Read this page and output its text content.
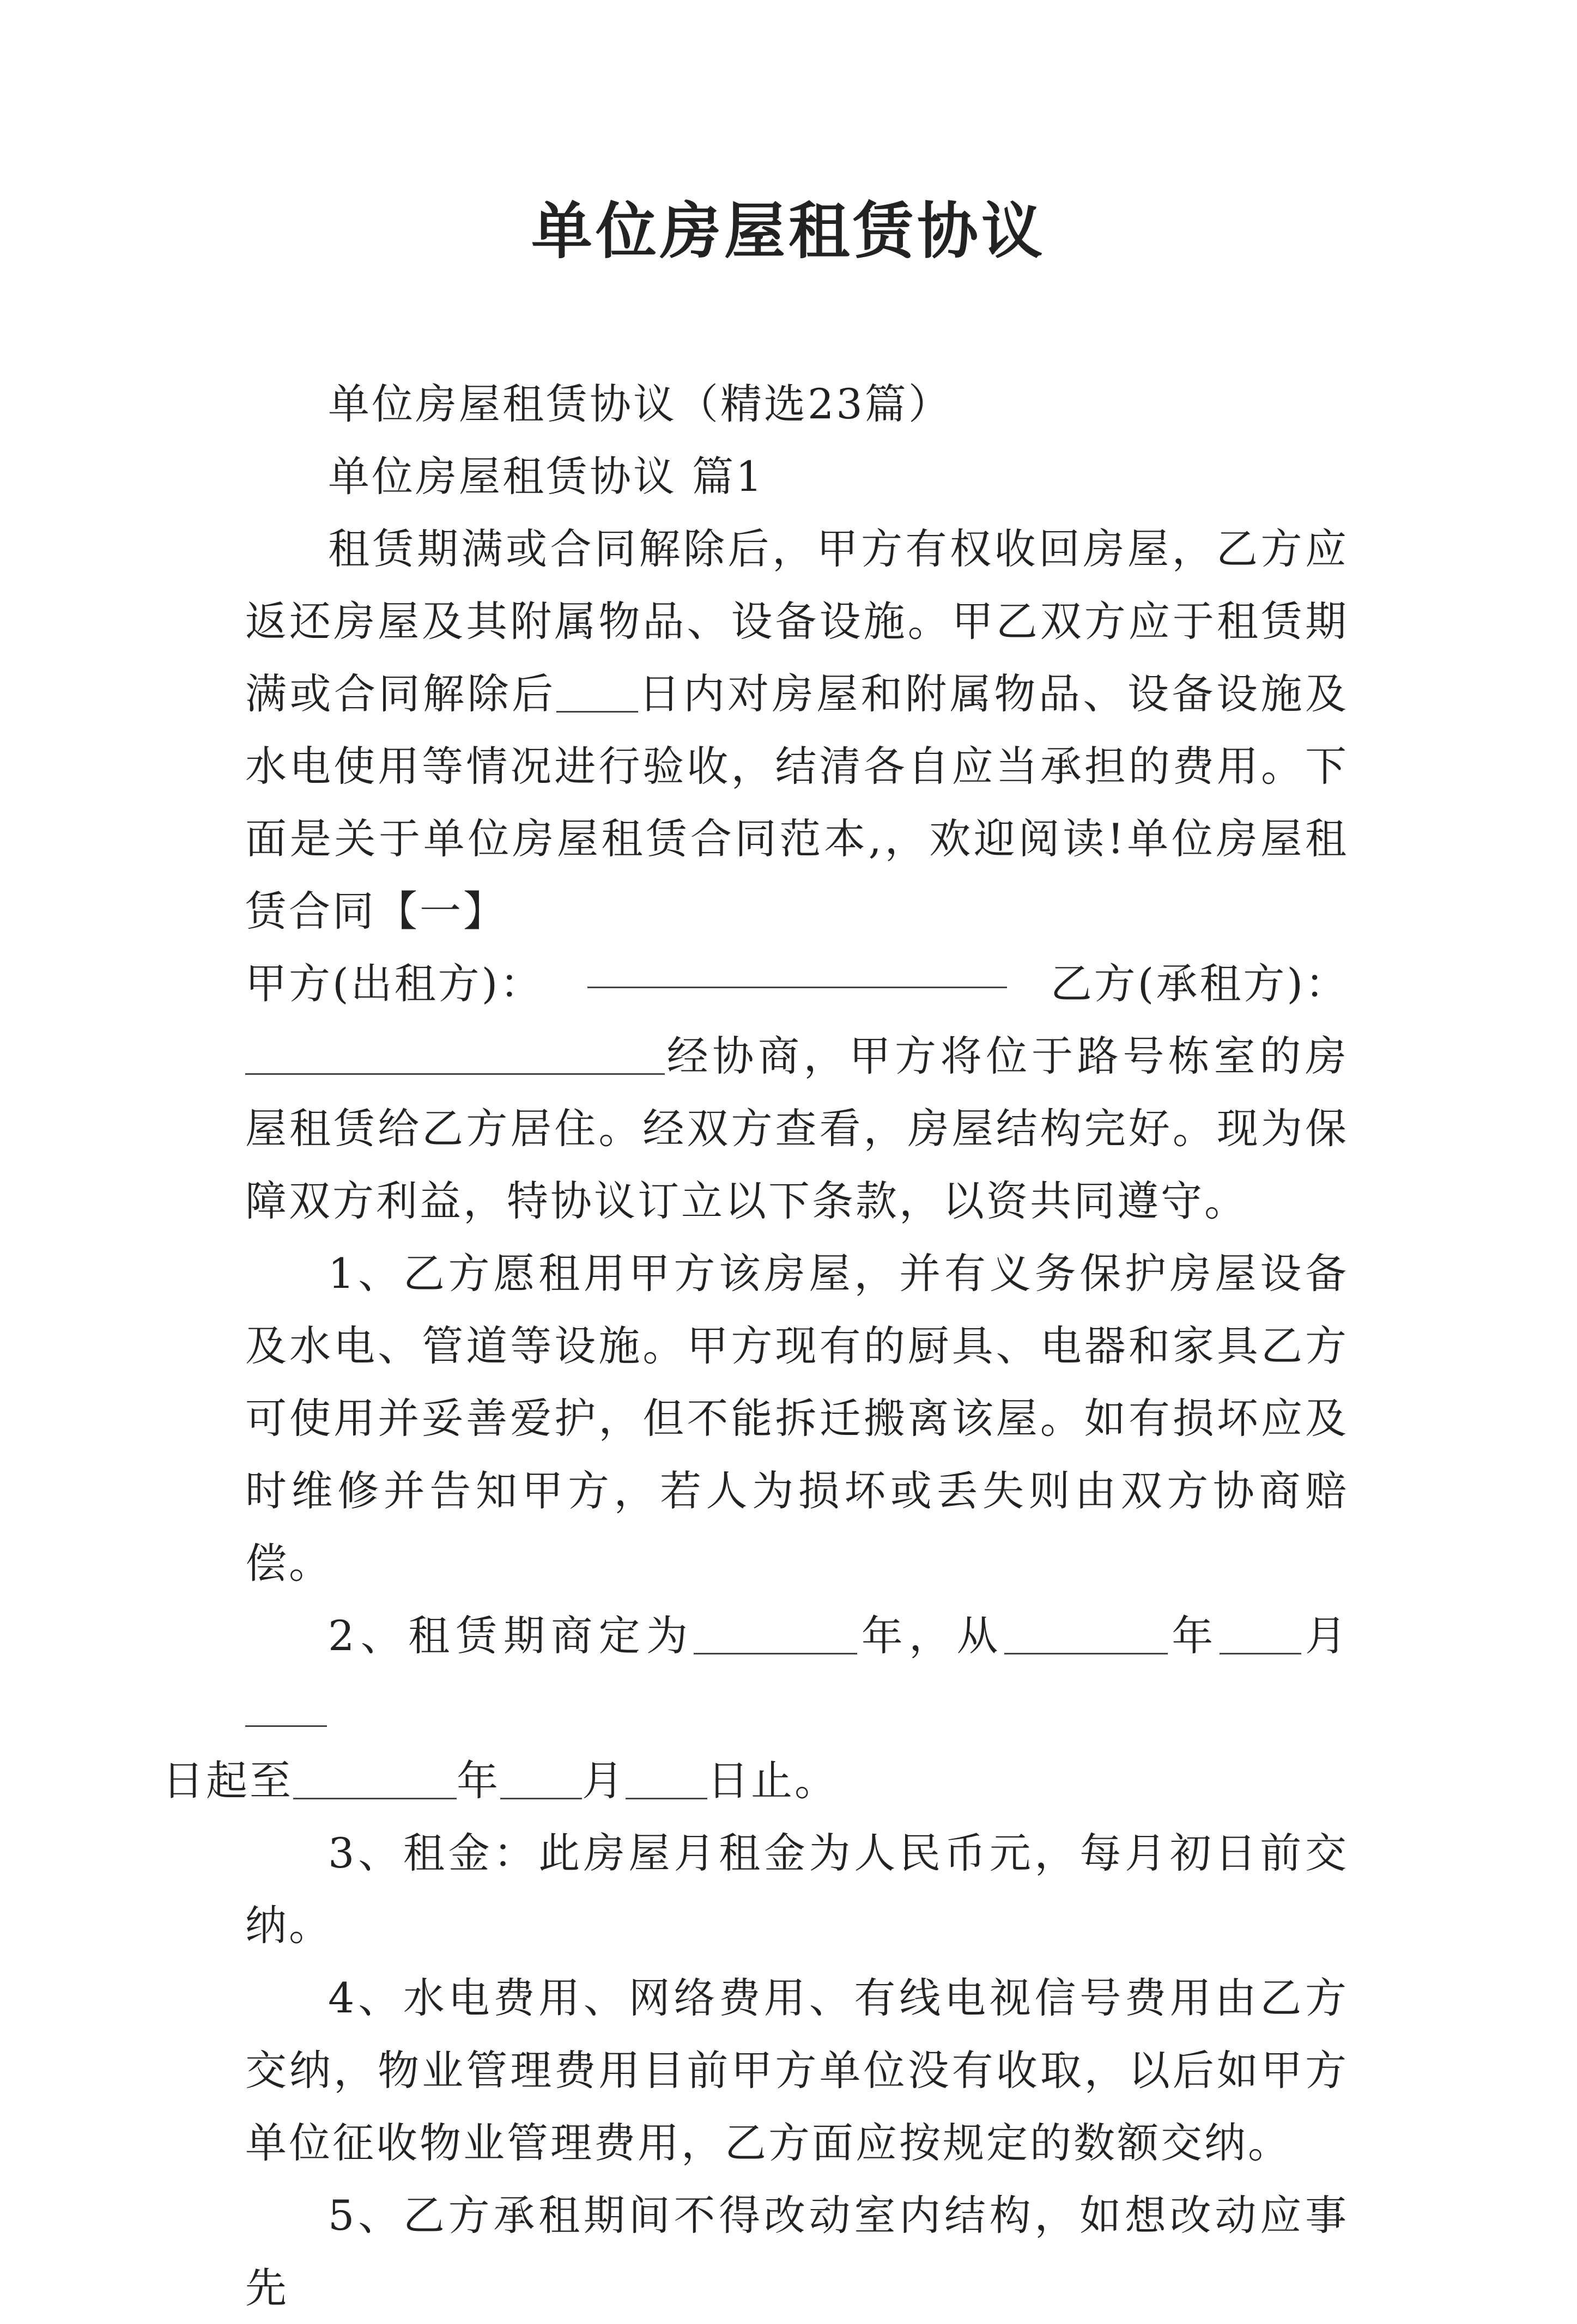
单位房屋租赁协议

单位房屋租赁协议（精选23篇）

单位房屋租赁协议 篇1

租赁期满或合同解除后，甲方有权收回房屋，乙方应返还房屋及其附属物品、设备设施。甲乙双方应于租赁期满或合同解除后 日内对房屋和附属物品、设备设施及水电使用等情况进行验收，结清各自应当承担的费用。下面是关于单位房屋租赁合同范本,，欢迎阅读!单位房屋租赁合同【一】

甲方(出租方)：	乙方(承租方)：

经协商，甲方将位于路号栋室的房屋租赁给乙方居住。经双方查看，房屋结构完好。现为保障双方利益，特协议订立以下条款，以资共同遵守。

1、乙方愿租用甲方该房屋，并有义务保护房屋设备及水电、管道等设施。甲方现有的厨具、电器和家具乙方可使用并妥善爱护，但不能拆迁搬离该屋。如有损坏应及时维修并告知甲方，若人为损坏或丢失则由双方协商赔偿。

2、租赁期商定为	年，从	年 月
日起至	年 月 日止。

3、租金：此房屋月租金为人民币元，每月初日前交纳。

4、水电费用、网络费用、有线电视信号费用由乙方交纳，物业管理费用目前甲方单位没有收取，以后如甲方单位征收物业管理费用，乙方面应按规定的数额交纳。

5、乙方承租期间不得改动室内结构，如想改动应事先
